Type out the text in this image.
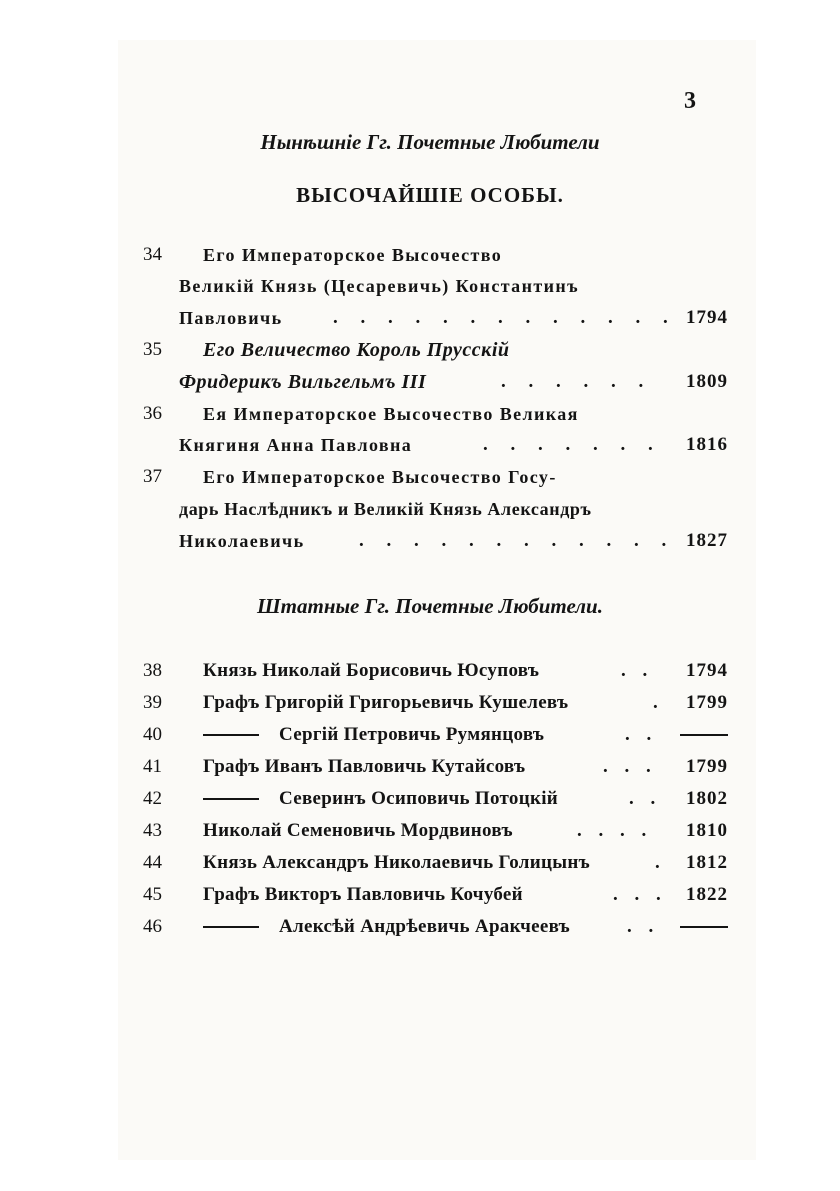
3
Нынѣшніе Гг. Почетные Любители
ВЫСОЧАЙШІЕ ОСОБЫ.
34 Его Императорское Высочество
Великій Князь (Цесаревичь) Константинъ
Павловичь	. . . . . . . . . . . . . 1794
35 Его Величество Король Прусскій
Фридерикъ Вильгельмъ III	. . . . . . 1809
36 Ея Императорское Высочество Великая
Княгиня Анна Павловна	. . . . . . . 1816
37 Его Императорское Высочество Госу-
дарь Наслѣдникъ и Великій Князь Александръ
Николаевичь	. . . . . . . . . . . . 1827
Штатные Гг. Почетные Любители.
38 Князь Николай Борисовичь Юсуповъ	. . 1794
39 Графъ Григорій Григорьевичь Кушелевъ	. 1799
40	Сергій Петровичь Румянцовъ	. .
41 Графъ Иванъ Павловичь Кутайсовъ	. . . 1799
42	Северинъ Осиповичь Потоцкій	. . 1802
43 Николай Семеновичь Мордвиновъ	. . . . 1810
44 Князь Александръ Николаевичь Голицынъ	. 1812
45 Графъ Викторъ Павловичь Кочубей	. . . 1822
46	Алексѣй Андрѣевичь Аракчеевъ	. .
